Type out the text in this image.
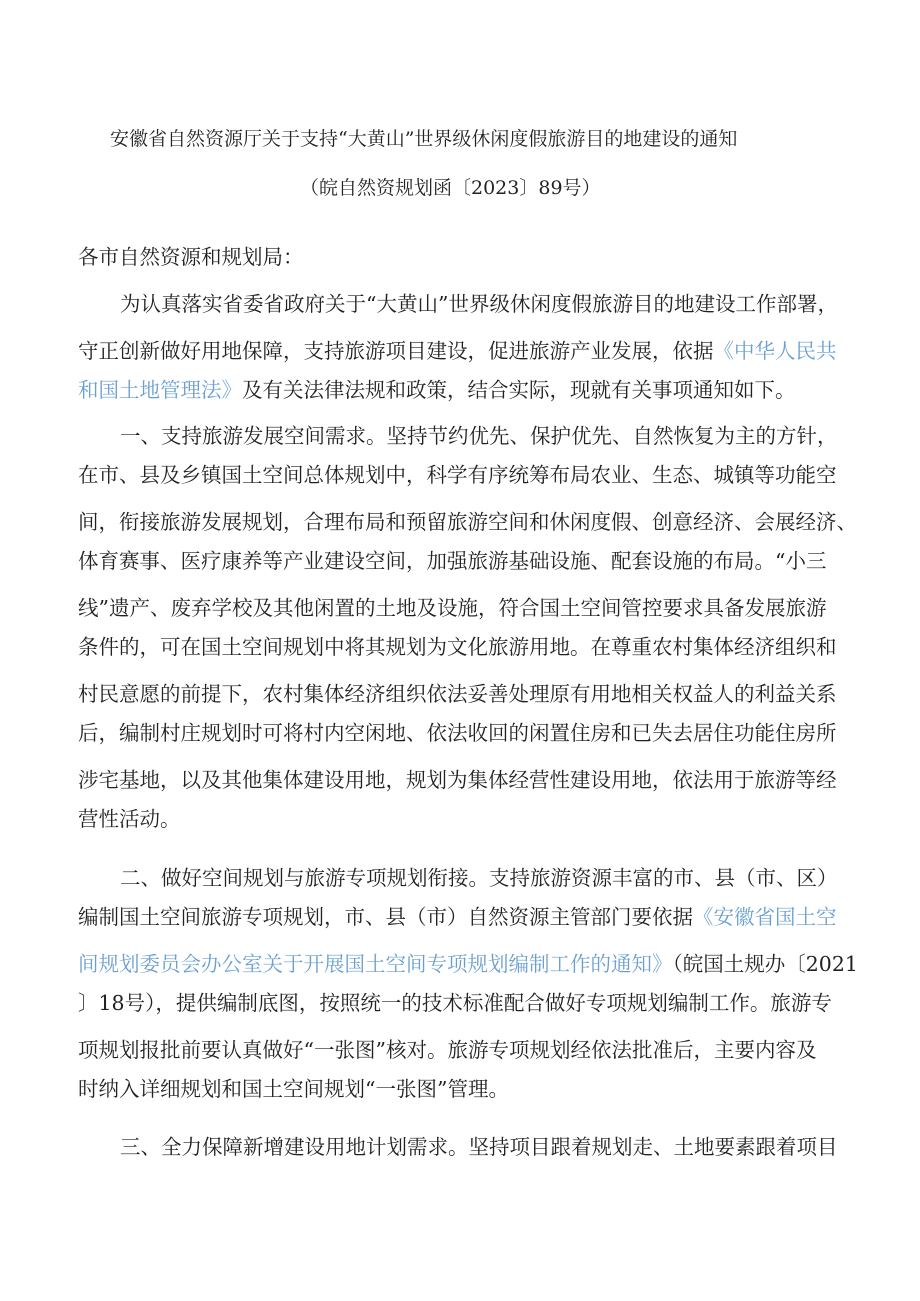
安徽省自然资源厅关于支持“大黄山”世界级休闲度假旅游目的地建设的通知
（皖自然资规划函〔2023〕89号）
各市自然资源和规划局：
为认真落实省委省政府关于“大黄山”世界级休闲度假旅游目的地建设工作部署，
守正创新做好用地保障，支持旅游项目建设，促进旅游产业发展，依据《中华人民共
和国土地管理法》及有关法律法规和政策，结合实际，现就有关事项通知如下。
一、支持旅游发展空间需求。坚持节约优先、保护优先、自然恢复为主的方针，
在市、县及乡镇国土空间总体规划中，科学有序统筹布局农业、生态、城镇等功能空
间，衔接旅游发展规划，合理布局和预留旅游空间和休闲度假、创意经济、会展经济、
体育赛事、医疗康养等产业建设空间，加强旅游基础设施、配套设施的布局。“小三
线”遗产、废弃学校及其他闲置的土地及设施，符合国土空间管控要求具备发展旅游
条件的，可在国土空间规划中将其规划为文化旅游用地。在尊重农村集体经济组织和
村民意愿的前提下，农村集体经济组织依法妥善处理原有用地相关权益人的利益关系
后，编制村庄规划时可将村内空闲地、依法收回的闲置住房和已失去居住功能住房所
涉宅基地，以及其他集体建设用地，规划为集体经营性建设用地，依法用于旅游等经
营性活动。
二、做好空间规划与旅游专项规划衔接。支持旅游资源丰富的市、县（市、区）
编制国土空间旅游专项规划，市、县（市）自然资源主管部门要依据《安徽省国土空
间规划委员会办公室关于开展国土空间专项规划编制工作的通知》（皖国土规办〔2021
〕18号），提供编制底图，按照统一的技术标准配合做好专项规划编制工作。旅游专
项规划报批前要认真做好“一张图”核对。旅游专项规划经依法批准后，主要内容及
时纳入详细规划和国土空间规划“一张图”管理。
三、全力保障新增建设用地计划需求。坚持项目跟着规划走、土地要素跟着项目
